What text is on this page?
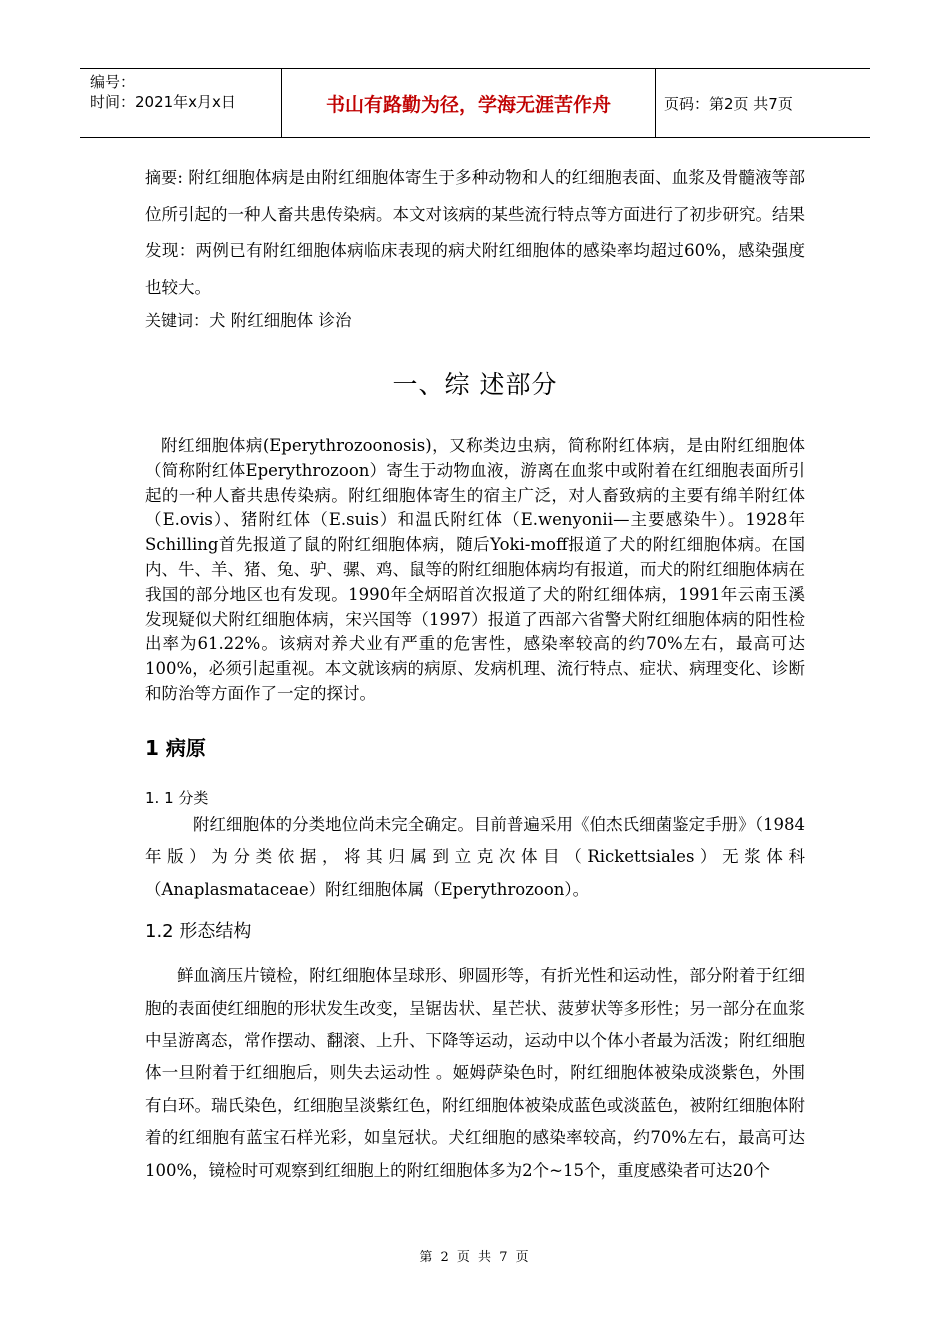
编号：
时间：2021年x月x日	书山有路勤为径，学海无涯苦作舟	页码：第2页 共7页

摘要: 附红细胞体病是由附红细胞体寄生于多种动物和人的红细胞表面、血浆及骨髓液等部位所引起的一种人畜共患传染病。本文对该病的某些流行特点等方面进行了初步研究。结果发现：两例已有附红细胞体病临床表现的病犬附红细胞体的感染率均超过60%，感染强度也较大。

关键词：犬 附红细胞体 诊治

一、综 述部分

附红细胞体病(Eperythrozoonosis)，又称类边虫病，简称附红体病，是由附红细胞体（简称附红体Eperythrozoon）寄生于动物血液，游离在血浆中或附着在红细胞表面所引起的一种人畜共患传染病。附红细胞体寄生的宿主广泛，对人畜致病的主要有绵羊附红体（E.ovis）、猪附红体（E.suis）和温氏附红体（E.wenyonii—主要感染牛）。1928年Schilling首先报道了鼠的附红细胞体病，随后Yoki-moff报道了犬的附红细胞体病。在国内、牛、羊、猪、兔、驴、骡、鸡、鼠等的附红细胞体病均有报道，而犬的附红细胞体病在我国的部分地区也有发现。1990年全炳昭首次报道了犬的附红细体病，1991年云南玉溪发现疑似犬附红细胞体病，宋兴国等（1997）报道了西部六省警犬附红细胞体病的阳性检出率为61.22%。该病对养犬业有严重的危害性，感染率较高的约70%左右，最高可达100%，必须引起重视。本文就该病的病原、发病机理、流行特点、症状、病理变化、诊断和防治等方面作了一定的探讨。

1 病原
1. 1 分类

附红细胞体的分类地位尚未完全确定。目前普遍采用《伯杰氏细菌鉴定手册》（1984年版）为分类依据，将其归属到立克次体目（Rickettsiales）无浆体科（Anaplasmataceae）附红细胞体属（Eperythrozoon）。

1.2 形态结构

鲜血滴压片镜检，附红细胞体呈球形、卵圆形等，有折光性和运动性，部分附着于红细胞的表面使红细胞的形状发生改变，呈锯齿状、星芒状、菠萝状等多形性；另一部分在血浆中呈游离态，常作摆动、翻滚、上升、下降等运动，运动中以个体小者最为活泼；附红细胞体一旦附着于红细胞后，则失去运动性 。姬姆萨染色时，附红细胞体被染成淡紫色，外围有白环。瑞氏染色，红细胞呈淡紫红色，附红细胞体被染成蓝色或淡蓝色，被附红细胞体附着的红细胞有蓝宝石样光彩，如皇冠状。犬红细胞的感染率较高，约70%左右，最高可达100%，镜检时可观察到红细胞上的附红细胞体多为2个~15个，重度感染者可达20个

第 2 页 共 7 页
